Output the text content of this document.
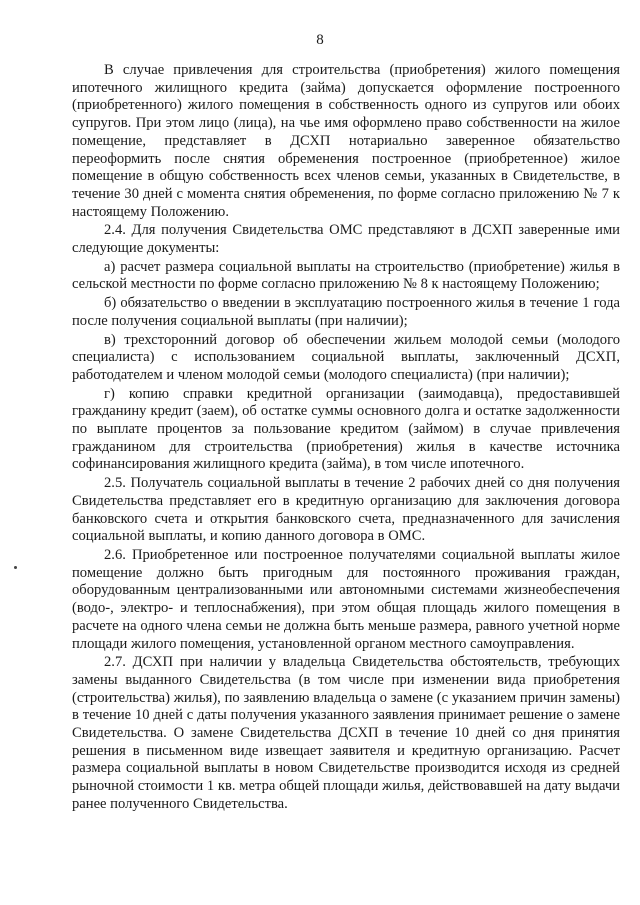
8

В случае привлечения для строительства (приобретения) жилого помещения ипотечного жилищного кредита (займа) допускается оформление построенного (приобретенного) жилого помещения в собственность одного из супругов или обоих супругов. При этом лицо (лица), на чье имя оформлено право собственности на жилое помещение, представляет в ДСХП нотариально заверенное обязательство переоформить после снятия обременения построенное (приобретенное) жилое помещение в общую собственность всех членов семьи, указанных в Свидетельстве, в течение 30 дней с момента снятия обременения, по форме согласно приложению № 7 к настоящему Положению.

2.4. Для получения Свидетельства ОМС представляют в ДСХП заверенные ими следующие документы:

а) расчет размера социальной выплаты на строительство (приобретение) жилья в сельской местности по форме согласно приложению № 8 к настоящему Положению;

б) обязательство о введении в эксплуатацию построенного жилья в течение 1 года после получения социальной выплаты (при наличии);

в) трехсторонний договор об обеспечении жильем молодой семьи (молодого специалиста) с использованием социальной выплаты, заключенный ДСХП, работодателем и членом молодой семьи (молодого специалиста) (при наличии);

г) копию справки кредитной организации (заимодавца), предоставившей гражданину кредит (заем), об остатке суммы основного долга и остатке задолженности по выплате процентов за пользование кредитом (займом) в случае привлечения гражданином для строительства (приобретения) жилья в качестве источника софинансирования жилищного кредита (займа), в том числе ипотечного.

2.5. Получатель социальной выплаты в течение 2 рабочих дней со дня получения Свидетельства представляет его в кредитную организацию для заключения договора банковского счета и открытия банковского счета, предназначенного для зачисления социальной выплаты, и копию данного договора в ОМС.

2.6. Приобретенное или построенное получателями социальной выплаты жилое помещение должно быть пригодным для постоянного проживания граждан, оборудованным централизованными или автономными системами жизнеобеспечения (водо-, электро- и теплоснабжения), при этом общая площадь жилого помещения в расчете на одного члена семьи не должна быть меньше размера, равного учетной норме площади жилого помещения, установленной органом местного самоуправления.

2.7. ДСХП при наличии у владельца Свидетельства обстоятельств, требующих замены выданного Свидетельства (в том числе при изменении вида приобретения (строительства) жилья), по заявлению владельца о замене (с указанием причин замены) в течение 10 дней с даты получения указанного заявления принимает решение о замене Свидетельства. О замене Свидетельства ДСХП в течение 10 дней со дня принятия решения в письменном виде извещает заявителя и кредитную организацию. Расчет размера социальной выплаты в новом Свидетельстве производится исходя из средней рыночной стоимости 1 кв. метра общей площади жилья, действовавшей на дату выдачи ранее полученного Свидетельства.
